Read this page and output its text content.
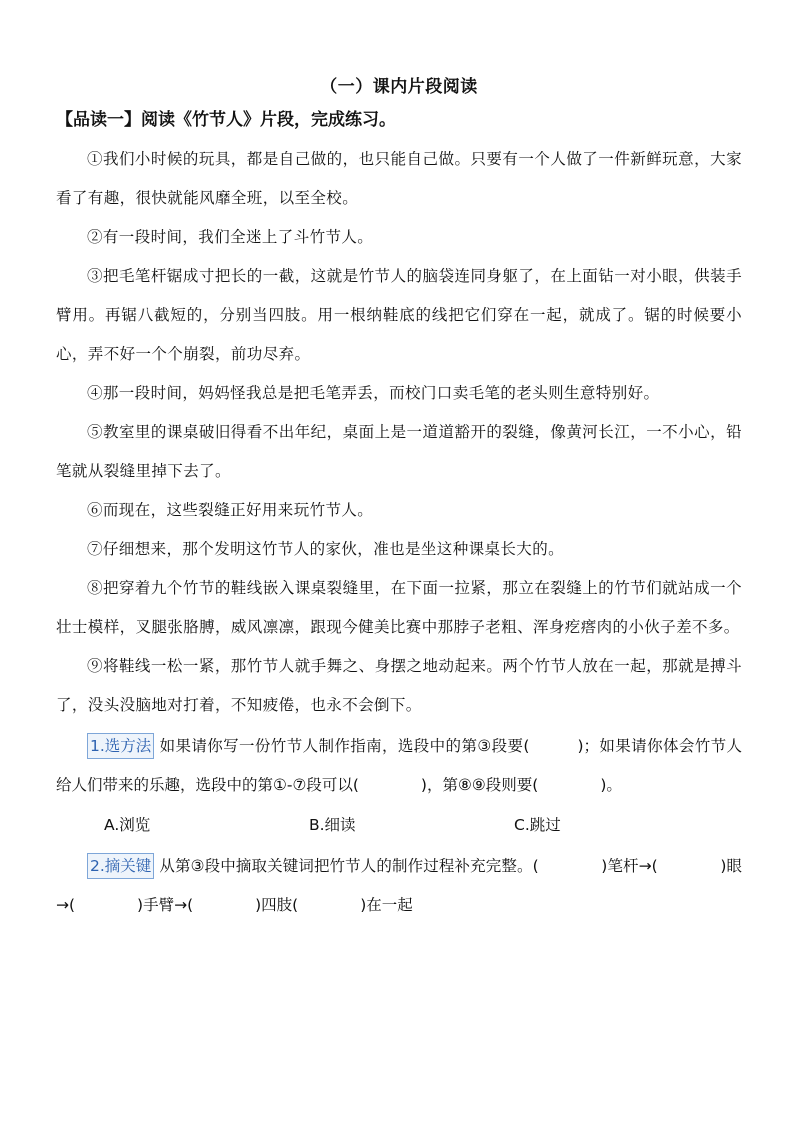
（一）课内片段阅读
【品读一】阅读《竹节人》片段，完成练习。

①我们小时候的玩具，都是自己做的，也只能自己做。只要有一个人做了一件新鲜玩意，大家看了有趣，很快就能风靡全班，以至全校。

②有一段时间，我们全迷上了斗竹节人。

③把毛笔杆锯成寸把长的一截，这就是竹节人的脑袋连同身躯了，在上面钻一对小眼，供装手臂用。再锯八截短的，分别当四肢。用一根纳鞋底的线把它们穿在一起，就成了。锯的时候要小心，弄不好一个个崩裂，前功尽弃。

④那一段时间，妈妈怪我总是把毛笔弄丢，而校门口卖毛笔的老头则生意特别好。

⑤教室里的课桌破旧得看不出年纪，桌面上是一道道豁开的裂缝，像黄河长江，一不小心，铅笔就从裂缝里掉下去了。

⑥而现在，这些裂缝正好用来玩竹节人。

⑦仔细想来，那个发明这竹节人的家伙，准也是坐这种课桌长大的。

⑧把穿着九个竹节的鞋线嵌入课桌裂缝里，在下面一拉紧，那立在裂缝上的竹节们就站成一个壮士模样，叉腿张胳膊，威风凛凛，跟现今健美比赛中那脖子老粗、浑身疙瘩肉的小伙子差不多。

⑨将鞋线一松一紧，那竹节人就手舞之、身摆之地动起来。两个竹节人放在一起，那就是搏斗了，没头没脑地对打着，不知疲倦，也永不会倒下。

1.选方法 如果请你写一份竹节人制作指南，选段中的第③段要(　　　)；如果请你体会竹节人给人们带来的乐趣，选段中的第①-⑦段可以(　　　　)，第⑧⑨段则要(　　　　)。

A.浏览	B.细读	C.跳过

2.摘关键 从第③段中摘取关键词把竹节人的制作过程补充完整。(　　　　)笔杆→(　　　　)眼→(　　　　)手臂→(　　　　)四肢(　　　　)在一起
